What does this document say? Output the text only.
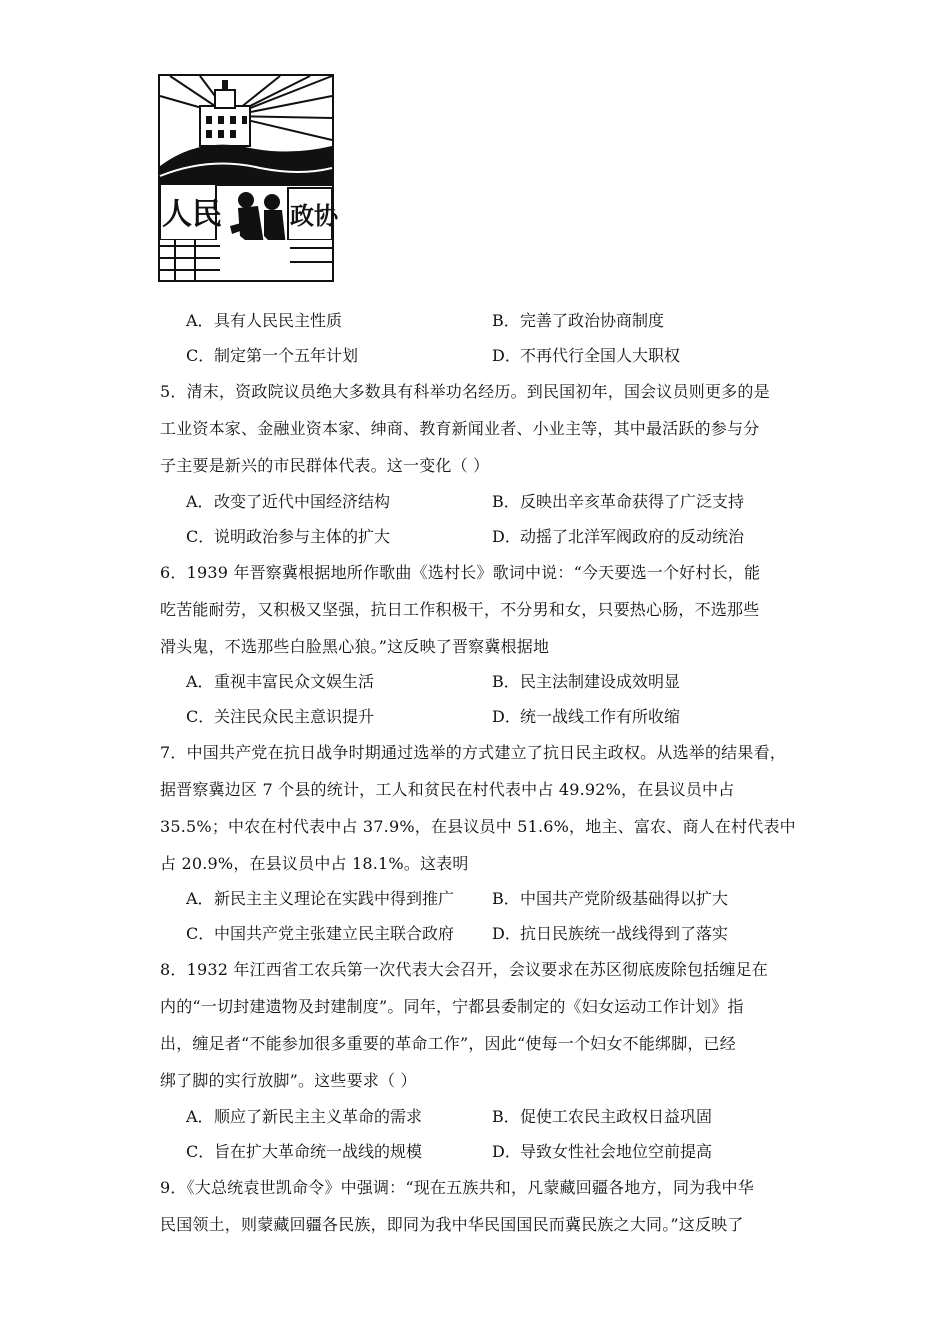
人民	政协
A．具有人民民主性质	B．完善了政治协商制度
C．制定第一个五年计划	D．不再代行全国人大职权
5．清末，资政院议员绝大多数具有科举功名经历。到民国初年，国会议员则更多的是
工业资本家、金融业资本家、绅商、教育新闻业者、小业主等，其中最活跃的参与分
子主要是新兴的市民群体代表。这一变化（ ）
A．改变了近代中国经济结构	B．反映出辛亥革命获得了广泛支持
C．说明政治参与主体的扩大	D．动摇了北洋军阀政府的反动统治
6．1939 年晋察冀根据地所作歌曲《选村长》歌词中说：“今天要选一个好村长，能
吃苦能耐劳，又积极又坚强，抗日工作积极干，不分男和女，只要热心肠，不选那些
滑头鬼，不选那些白脸黑心狼。”这反映了晋察冀根据地
A．重视丰富民众文娱生活	B．民主法制建设成效明显
C．关注民众民主意识提升	D．统一战线工作有所收缩
7．中国共产党在抗日战争时期通过选举的方式建立了抗日民主政权。从选举的结果看，
据晋察冀边区 7 个县的统计，工人和贫民在村代表中占 49.92%，在县议员中占
35.5%；中农在村代表中占 37.9%，在县议员中 51.6%，地主、富农、商人在村代表中
占 20.9%，在县议员中占 18.1%。这表明
A．新民主主义理论在实践中得到推广 B．中国共产党阶级基础得以扩大
C．中国共产党主张建立民主联合政府 D．抗日民族统一战线得到了落实
8．1932 年江西省工农兵第一次代表大会召开，会议要求在苏区彻底废除包括缠足在
内的“一切封建遗物及封建制度”。同年，宁都县委制定的《妇女运动工作计划》指
出，缠足者“不能参加很多重要的革命工作”，因此“使每一个妇女不能绑脚，已经
绑了脚的实行放脚”。这些要求（ ）
A．顺应了新民主主义革命的需求	B．促使工农民主政权日益巩固
C．旨在扩大革命统一战线的规模	D．导致女性社会地位空前提高
9．《大总统袁世凯命令》中强调：“现在五族共和，凡蒙藏回疆各地方，同为我中华
民国领土，则蒙藏回疆各民族，即同为我中华民国国民而冀民族之大同。”这反映了
